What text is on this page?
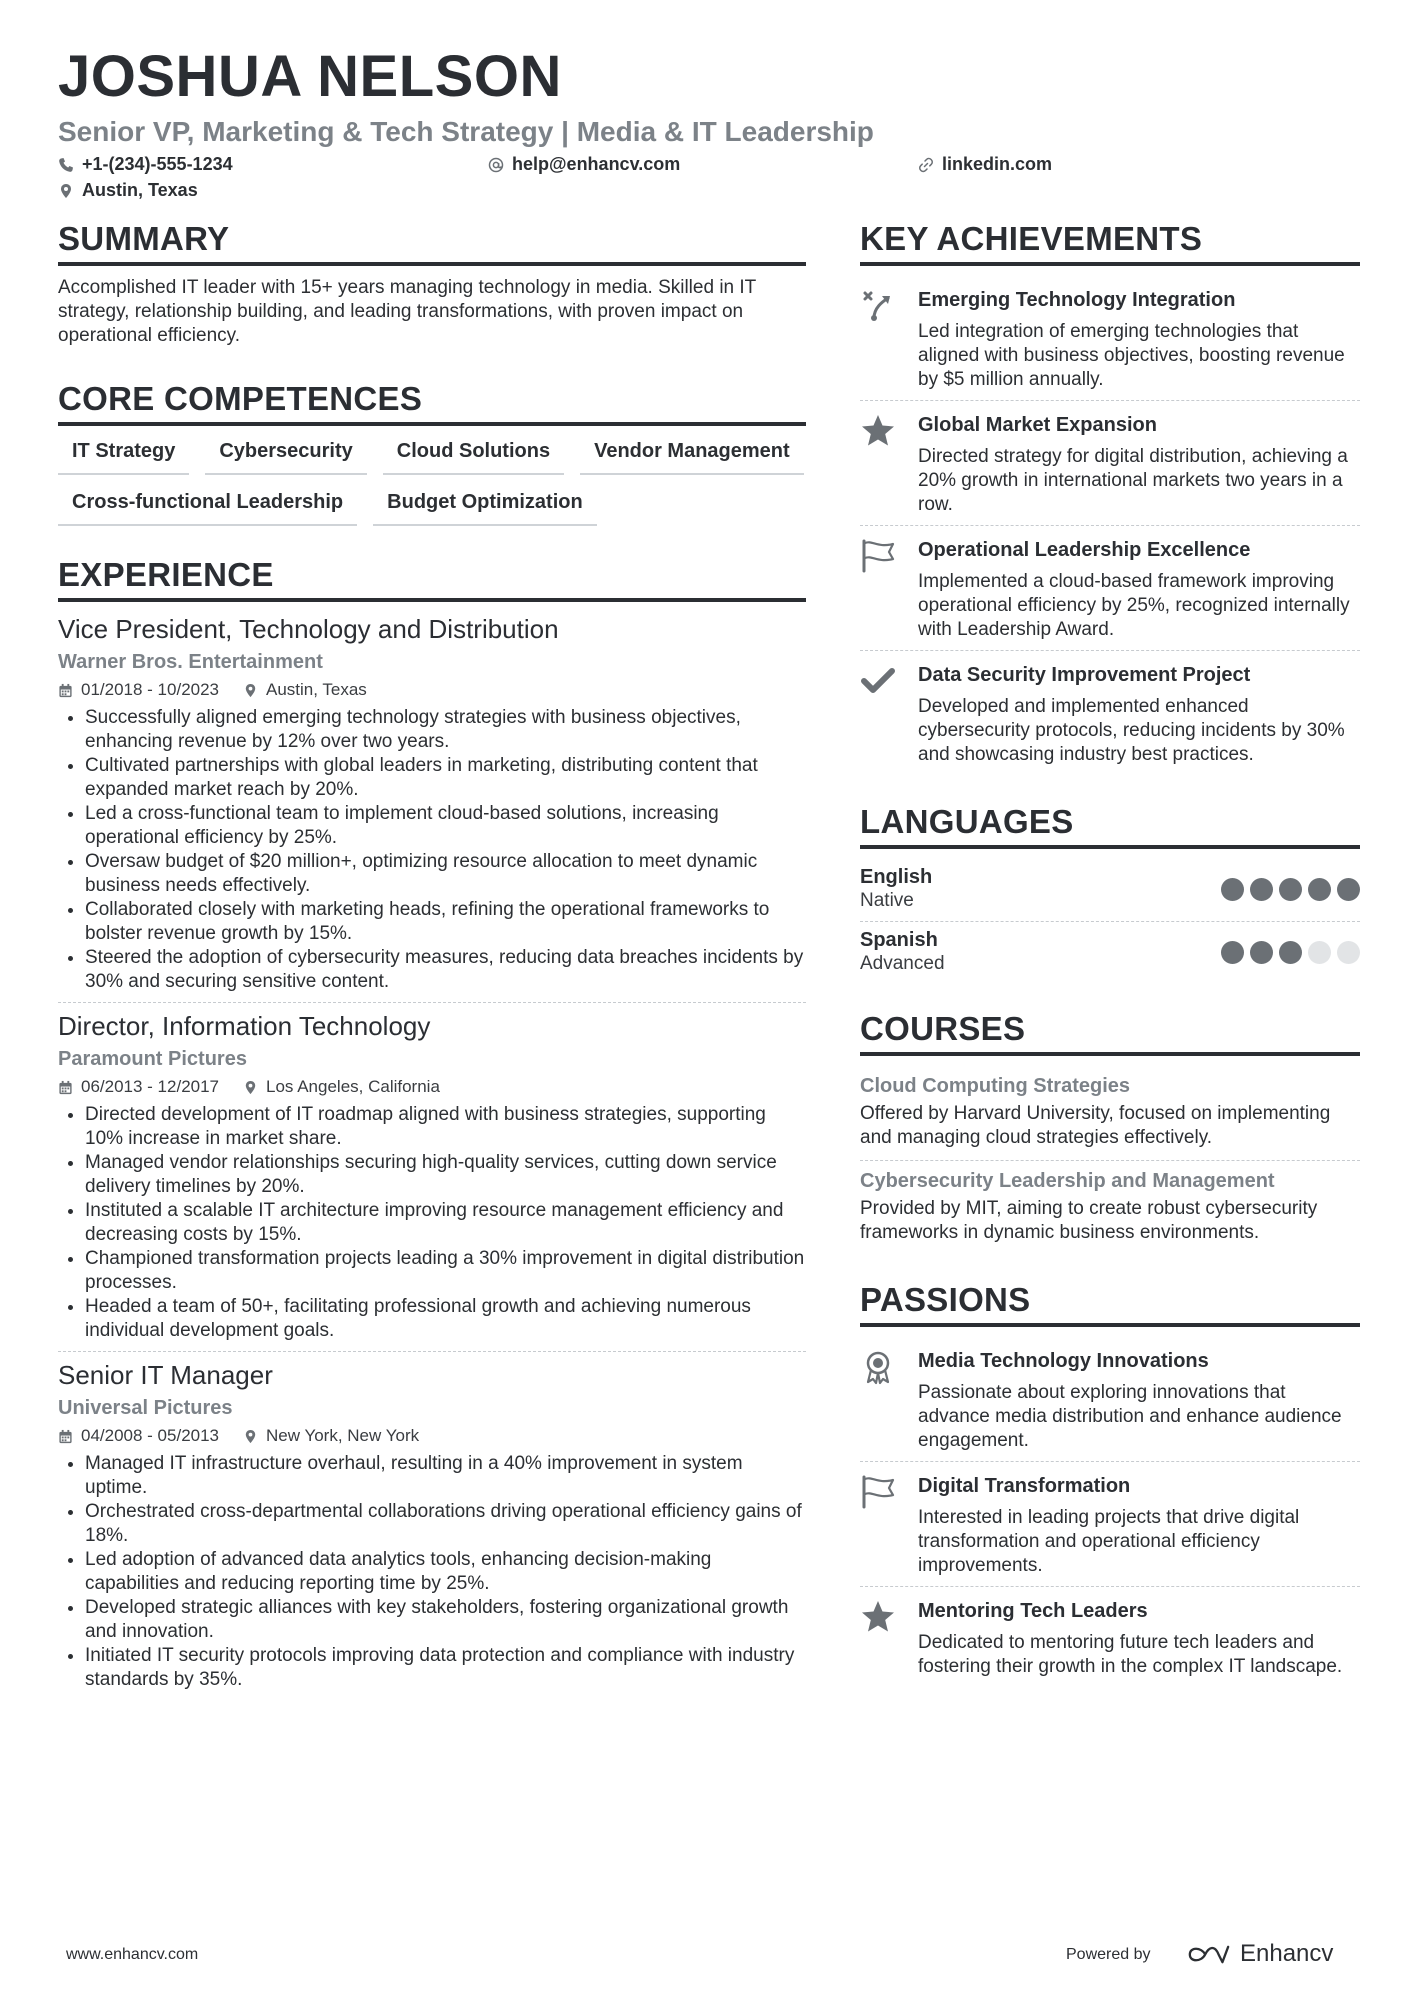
JOSHUA NELSON
Senior VP, Marketing & Tech Strategy | Media & IT Leadership
+1-(234)-555-1234	help@enhancv.com	linkedin.com
Austin, Texas
SUMMARY
Accomplished IT leader with 15+ years managing technology in media. Skilled in IT strategy, relationship building, and leading transformations, with proven impact on operational efficiency.
CORE COMPETENCES
IT Strategy	Cybersecurity	Cloud Solutions	Vendor Management
Cross-functional Leadership	Budget Optimization
EXPERIENCE
Vice President, Technology and Distribution
Warner Bros. Entertainment
01/2018 - 10/2023	Austin, Texas
• Successfully aligned emerging technology strategies with business objectives, enhancing revenue by 12% over two years.
• Cultivated partnerships with global leaders in marketing, distributing content that expanded market reach by 20%.
• Led a cross-functional team to implement cloud-based solutions, increasing operational efficiency by 25%.
• Oversaw budget of $20 million+, optimizing resource allocation to meet dynamic business needs effectively.
• Collaborated closely with marketing heads, refining the operational frameworks to bolster revenue growth by 15%.
• Steered the adoption of cybersecurity measures, reducing data breaches incidents by 30% and securing sensitive content.
Director, Information Technology
Paramount Pictures
06/2013 - 12/2017	Los Angeles, California
• Directed development of IT roadmap aligned with business strategies, supporting 10% increase in market share.
• Managed vendor relationships securing high-quality services, cutting down service delivery timelines by 20%.
• Instituted a scalable IT architecture improving resource management efficiency and decreasing costs by 15%.
• Championed transformation projects leading a 30% improvement in digital distribution processes.
• Headed a team of 50+, facilitating professional growth and achieving numerous individual development goals.
Senior IT Manager
Universal Pictures
04/2008 - 05/2013	New York, New York
• Managed IT infrastructure overhaul, resulting in a 40% improvement in system uptime.
• Orchestrated cross-departmental collaborations driving operational efficiency gains of 18%.
• Led adoption of advanced data analytics tools, enhancing decision-making capabilities and reducing reporting time by 25%.
• Developed strategic alliances with key stakeholders, fostering organizational growth and innovation.
• Initiated IT security protocols improving data protection and compliance with industry standards by 35%.
KEY ACHIEVEMENTS
Emerging Technology Integration
Led integration of emerging technologies that aligned with business objectives, boosting revenue by $5 million annually.
Global Market Expansion
Directed strategy for digital distribution, achieving a 20% growth in international markets two years in a row.
Operational Leadership Excellence
Implemented a cloud-based framework improving operational efficiency by 25%, recognized internally with Leadership Award.
Data Security Improvement Project
Developed and implemented enhanced cybersecurity protocols, reducing incidents by 30% and showcasing industry best practices.
LANGUAGES
English
Native
Spanish
Advanced
COURSES
Cloud Computing Strategies
Offered by Harvard University, focused on implementing and managing cloud strategies effectively.
Cybersecurity Leadership and Management
Provided by MIT, aiming to create robust cybersecurity frameworks in dynamic business environments.
PASSIONS
Media Technology Innovations
Passionate about exploring innovations that advance media distribution and enhance audience engagement.
Digital Transformation
Interested in leading projects that drive digital transformation and operational efficiency improvements.
Mentoring Tech Leaders
Dedicated to mentoring future tech leaders and fostering their growth in the complex IT landscape.
www.enhancv.com	Powered by	Enhancv
